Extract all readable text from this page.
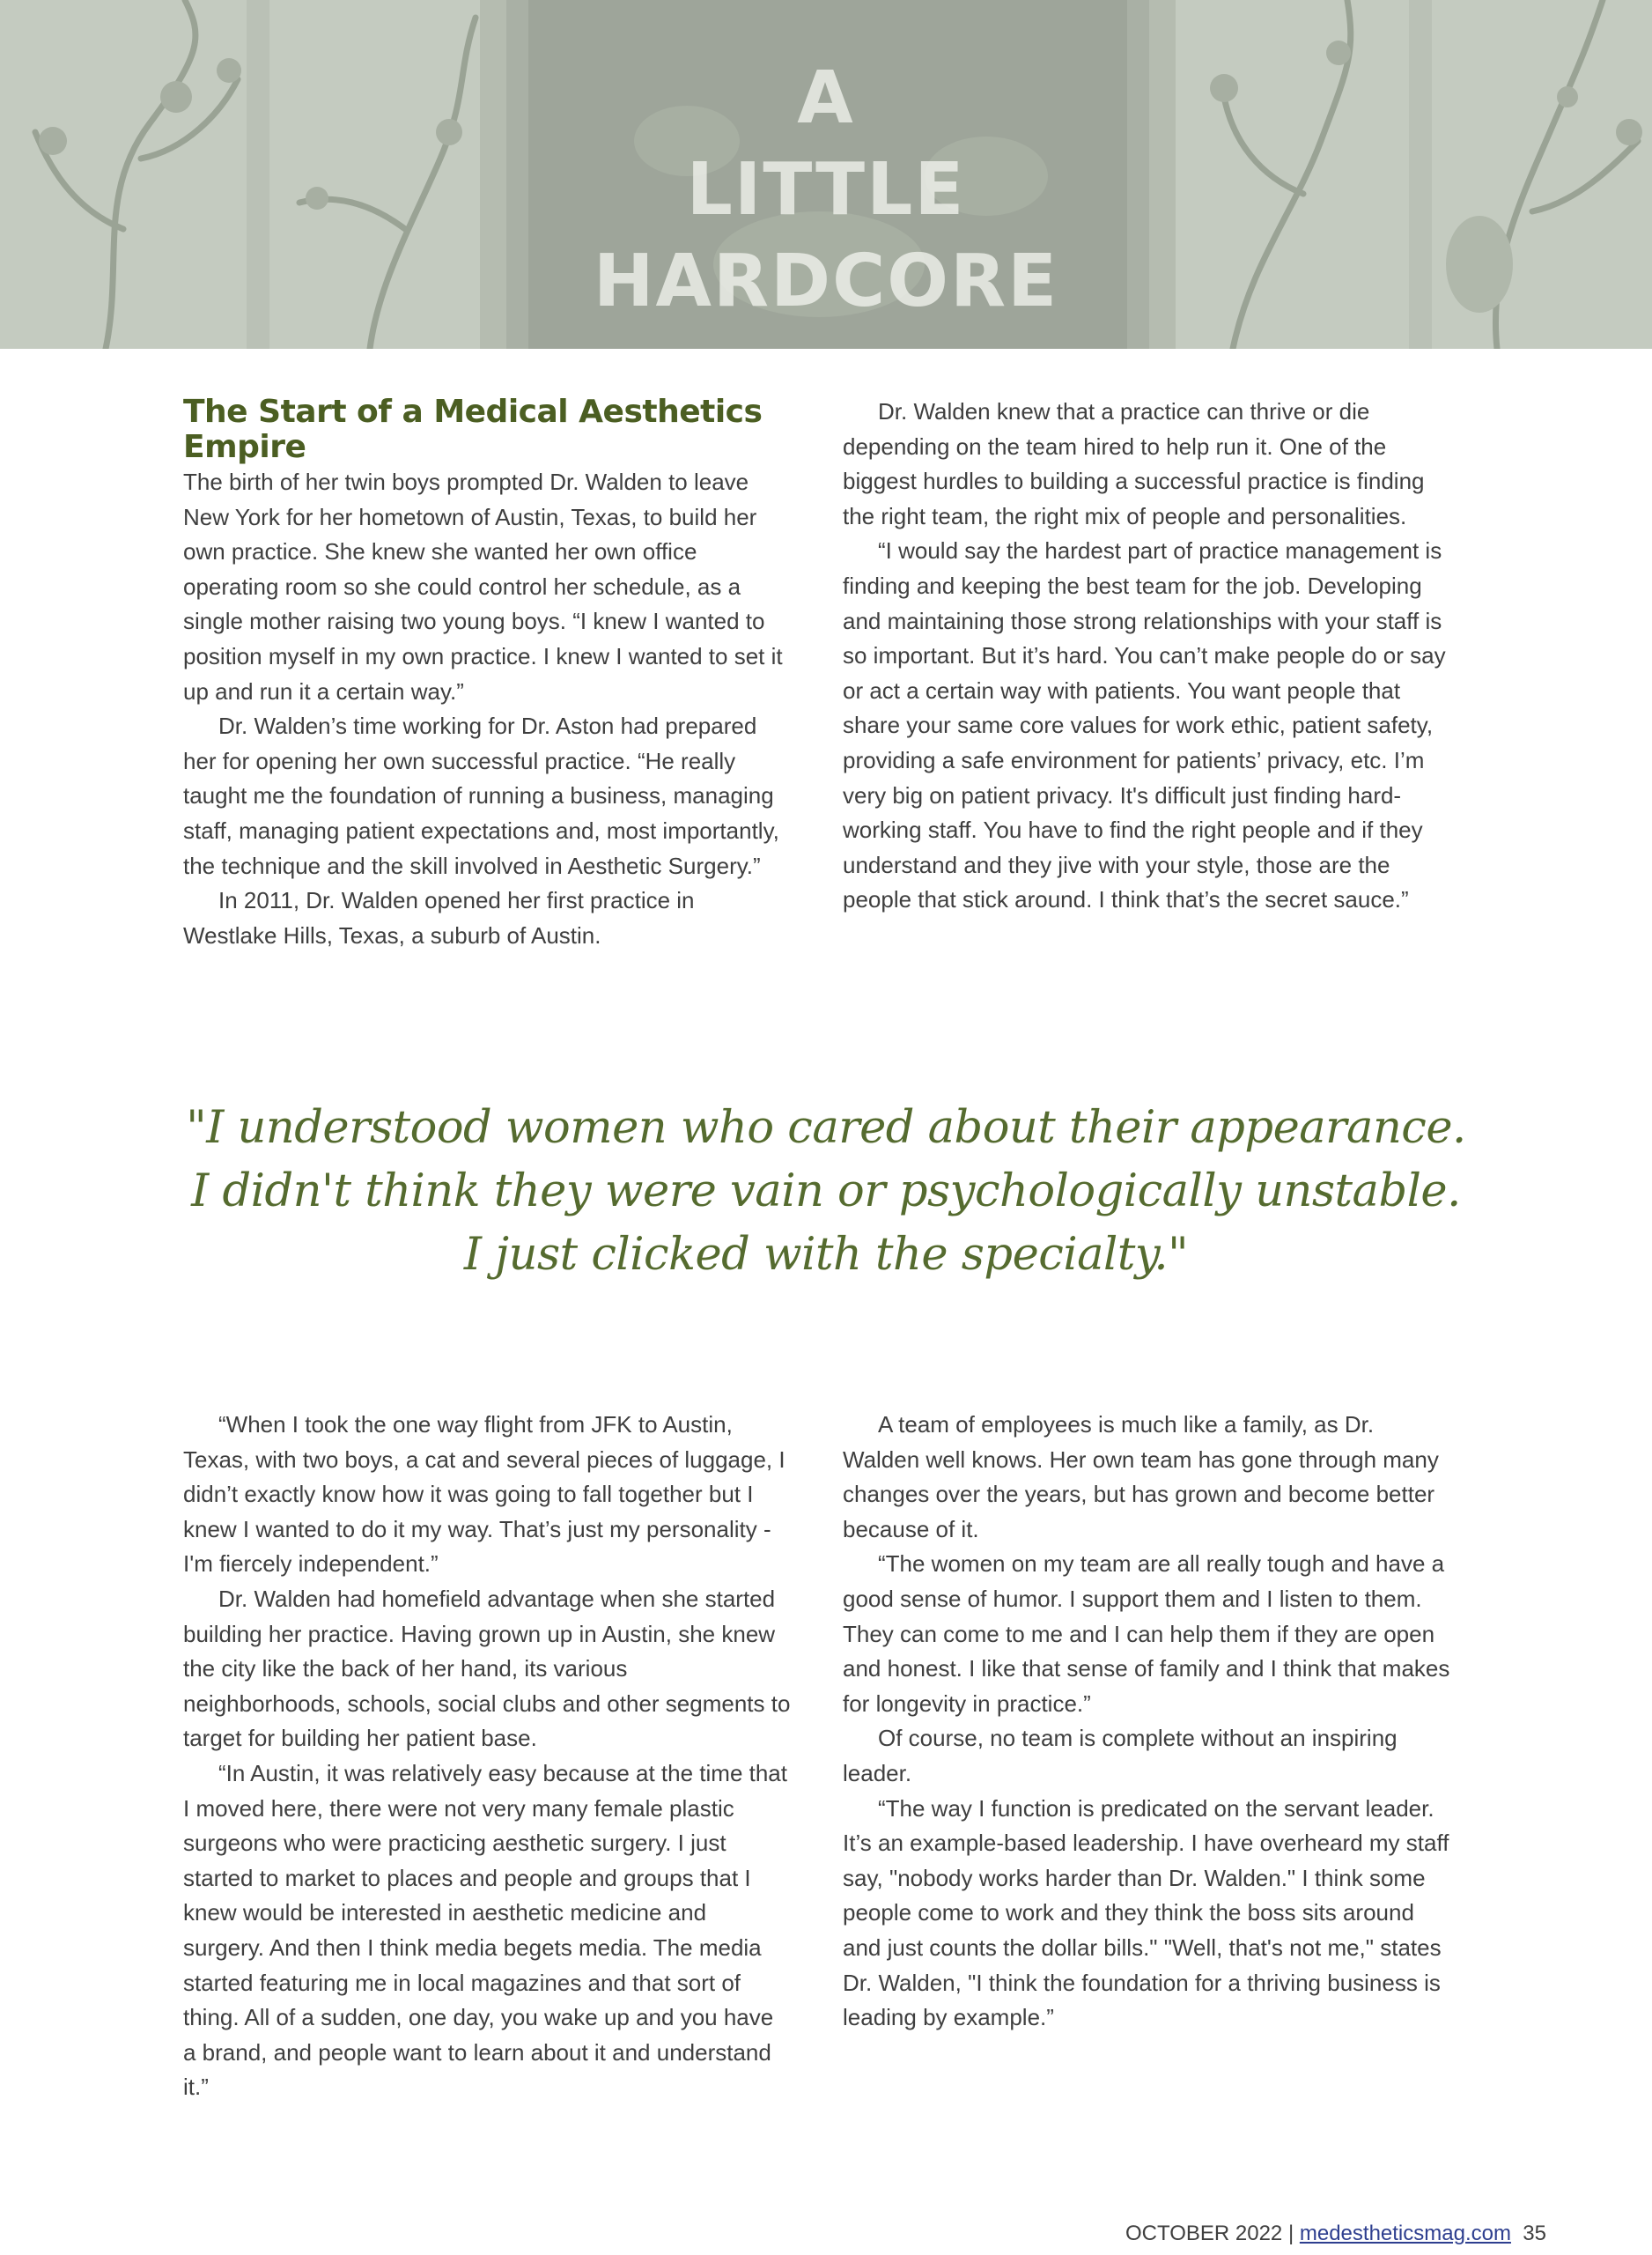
A
LITTLE
HARDCORE
The Start of a Medical Aesthetics
Empire

The birth of her twin boys prompted Dr. Walden to leave New York for her hometown of Austin, Texas, to build her own practice. She knew she wanted her own office operating room so she could control her schedule, as a single mother raising two young boys. “I knew I wanted to position myself in my own practice. I knew I wanted to set it up and run it a certain way.”

Dr. Walden’s time working for Dr. Aston had prepared her for opening her own successful practice. “He really taught me the foundation of running a business, managing staff, managing patient expectations and, most importantly, the technique and the skill involved in Aesthetic Surgery.”

In 2011, Dr. Walden opened her first practice in Westlake Hills, Texas, a suburb of Austin.

Dr. Walden knew that a practice can thrive or die depending on the team hired to help run it. One of the biggest hurdles to building a successful practice is finding the right team, the right mix of people and personalities.

“I would say the hardest part of practice management is finding and keeping the best team for the job. Developing and maintaining those strong relationships with your staff is so important. But it’s hard. You can’t make people do or say or act a certain way with patients. You want people that share your same core values for work ethic, patient safety, providing a safe environment for patients’ privacy, etc. I’m very big on patient privacy. It's difficult just finding hard-working staff. You have to find the right people and if they understand and they jive with your style, those are the people that stick around. I think that’s the secret sauce.”

"I understood women who cared about their appearance.
I didn't think they were vain or psychologically unstable.
I just clicked with the specialty."

“When I took the one way flight from JFK to Austin, Texas, with two boys, a cat and several pieces of luggage, I didn’t exactly know how it was going to fall together but I knew I wanted to do it my way. That’s just my personality - I'm fiercely independent.”

Dr. Walden had homefield advantage when she started building her practice. Having grown up in Austin, she knew the city like the back of her hand, its various neighborhoods, schools, social clubs and other segments to target for building her patient base.

“In Austin, it was relatively easy because at the time that I moved here, there were not very many female plastic surgeons who were practicing aesthetic surgery. I just started to market to places and people and groups that I knew would be interested in aesthetic medicine and surgery. And then I think media begets media. The media started featuring me in local magazines and that sort of thing. All of a sudden, one day, you wake up and you have a brand, and people want to learn about it and understand it.”

A team of employees is much like a family, as Dr. Walden well knows. Her own team has gone through many changes over the years, but has grown and become better because of it.

“The women on my team are all really tough and have a good sense of humor. I support them and I listen to them. They can come to me and I can help them if they are open and honest. I like that sense of family and I think that makes for longevity in practice.”

Of course, no team is complete without an inspiring leader.

“The way I function is predicated on the servant leader. It’s an example-based leadership. I have overheard my staff say, "nobody works harder than Dr. Walden." I think some people come to work and they think the boss sits around and just counts the dollar bills." "Well, that's not me," states Dr. Walden, "I think the foundation for a thriving business is leading by example.”

OCTOBER 2022 | medestheticsmag.com 35
